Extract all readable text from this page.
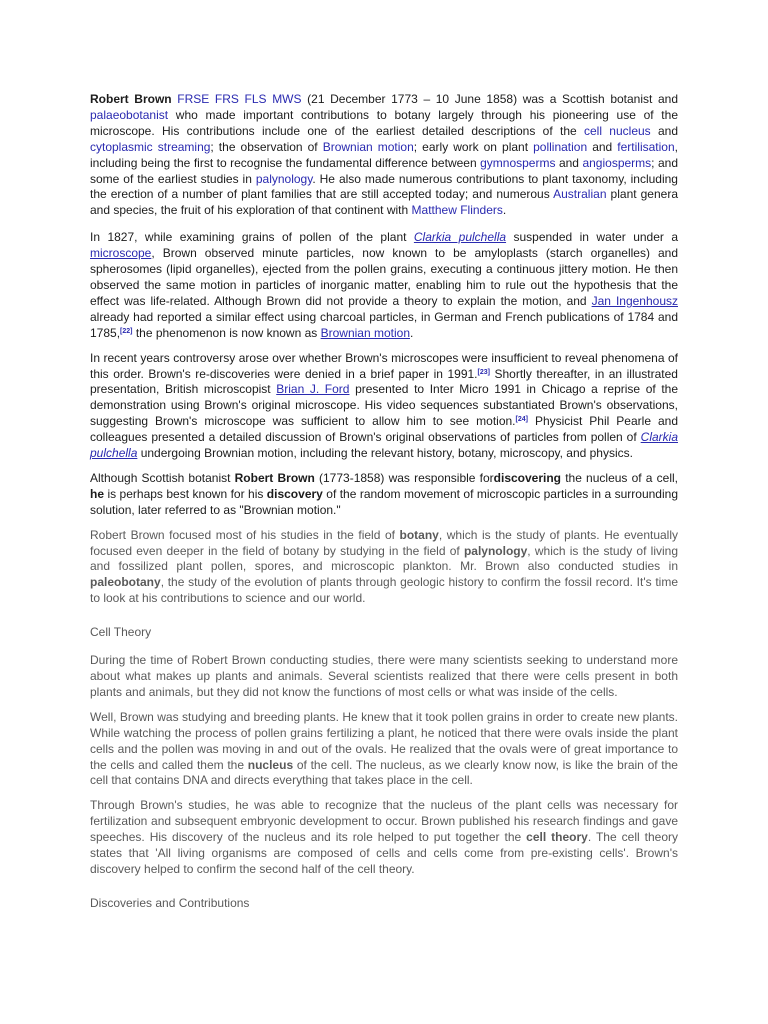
Robert Brown FRSE FRS FLS MWS (21 December 1773 – 10 June 1858) was a Scottish botanist and palaeobotanist who made important contributions to botany largely through his pioneering use of the microscope. His contributions include one of the earliest detailed descriptions of the cell nucleus and cytoplasmic streaming; the observation of Brownian motion; early work on plant pollination and fertilisation, including being the first to recognise the fundamental difference between gymnosperms and angiosperms; and some of the earliest studies in palynology. He also made numerous contributions to plant taxonomy, including the erection of a number of plant families that are still accepted today; and numerous Australian plant genera and species, the fruit of his exploration of that continent with Matthew Flinders.

In 1827, while examining grains of pollen of the plant Clarkia pulchella suspended in water under a microscope, Brown observed minute particles, now known to be amyloplasts (starch organelles) and spherosomes (lipid organelles), ejected from the pollen grains, executing a continuous jittery motion. He then observed the same motion in particles of inorganic matter, enabling him to rule out the hypothesis that the effect was life-related. Although Brown did not provide a theory to explain the motion, and Jan Ingenhousz already had reported a similar effect using charcoal particles, in German and French publications of 1784 and 1785,[22] the phenomenon is now known as Brownian motion.

In recent years controversy arose over whether Brown's microscopes were insufficient to reveal phenomena of this order. Brown's re-discoveries were denied in a brief paper in 1991.[23] Shortly thereafter, in an illustrated presentation, British microscopist Brian J. Ford presented to Inter Micro 1991 in Chicago a reprise of the demonstration using Brown's original microscope. His video sequences substantiated Brown's observations, suggesting Brown's microscope was sufficient to allow him to see motion.[24] Physicist Phil Pearle and colleagues presented a detailed discussion of Brown's original observations of particles from pollen of Clarkia pulchella undergoing Brownian motion, including the relevant history, botany, microscopy, and physics.

Although Scottish botanist Robert Brown (1773-1858) was responsible fordiscovering the nucleus of a cell, he is perhaps best known for his discovery of the random movement of microscopic particles in a surrounding solution, later referred to as "Brownian motion."

Robert Brown focused most of his studies in the field of botany, which is the study of plants. He eventually focused even deeper in the field of botany by studying in the field of palynology, which is the study of living and fossilized plant pollen, spores, and microscopic plankton. Mr. Brown also conducted studies in paleobotany, the study of the evolution of plants through geologic history to confirm the fossil record. It's time to look at his contributions to science and our world.

Cell Theory

During the time of Robert Brown conducting studies, there were many scientists seeking to understand more about what makes up plants and animals. Several scientists realized that there were cells present in both plants and animals, but they did not know the functions of most cells or what was inside of the cells.

Well, Brown was studying and breeding plants. He knew that it took pollen grains in order to create new plants. While watching the process of pollen grains fertilizing a plant, he noticed that there were ovals inside the plant cells and the pollen was moving in and out of the ovals. He realized that the ovals were of great importance to the cells and called them the nucleus of the cell. The nucleus, as we clearly know now, is like the brain of the cell that contains DNA and directs everything that takes place in the cell.

Through Brown's studies, he was able to recognize that the nucleus of the plant cells was necessary for fertilization and subsequent embryonic development to occur. Brown published his research findings and gave speeches. His discovery of the nucleus and its role helped to put together the cell theory. The cell theory states that 'All living organisms are composed of cells and cells come from pre-existing cells'. Brown's discovery helped to confirm the second half of the cell theory.

Discoveries and Contributions
